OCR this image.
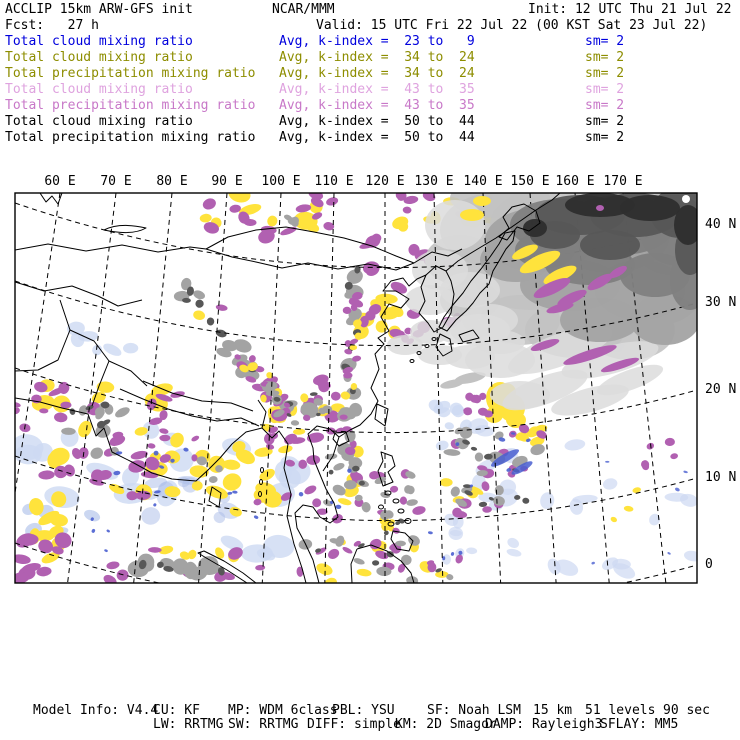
ACCLIP 15km ARW-GFS init	NCAR/MMM	Init: 12 UTC Thu 21 Jul 22
Fcst:   27 h	Valid: 15 UTC Fri 22 Jul 22 (00 KST Sat 23 Jul 22)
Total cloud mixing ratio	Avg, k-index =  23 to   9	sm= 2
Total cloud mixing ratio	Avg, k-index =  34 to  24	sm= 2
Total precipitation mixing ratio Avg, k-index =  34 to  24	sm= 2
Total cloud mixing ratio	Avg, k-index =  43 to  35	sm= 2
Total precipitation mixing ratio Avg, k-index =  43 to  35	sm= 2
Total cloud mixing ratio	Avg, k-index =  50 to  44	sm= 2
Total precipitation mixing ratio Avg, k-index =  50 to  44	sm= 2
60 E 70 E 80 E 90 E 100 E 110 E 120 E 130 E 140 E 150 E 160 E 170 E
40 N
30 N
20 N
10 N
0
Model Info: V4.4
CU: KF MP: WDM 6class
PBL: YSU SF: Noah LSM 15 km 51 levels 90 sec
LW: RRTMG SW: RRTMG DIFF: simple
KM: 2D Smagor
DAMP: Rayleigh3
SFLAY: MM5
